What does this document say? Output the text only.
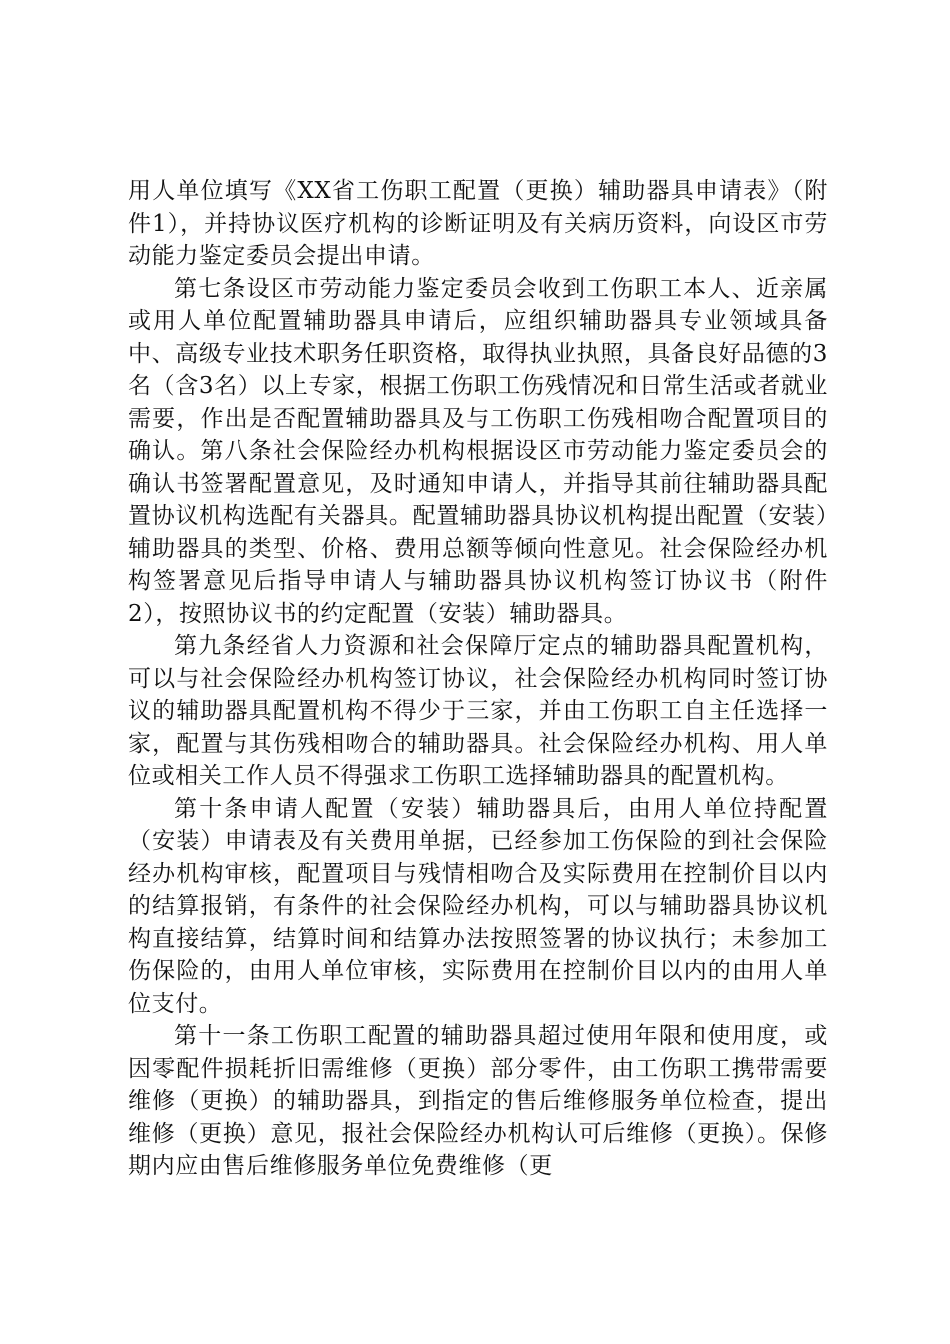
用人单位填写《XX省工伤职工配置（更换）辅助器具申请表》（附件1），并持协议医疗机构的诊断证明及有关病历资料，向设区市劳动能力鉴定委员会提出申请。

第七条设区市劳动能力鉴定委员会收到工伤职工本人、近亲属或用人单位配置辅助器具申请后，应组织辅助器具专业领域具备中、高级专业技术职务任职资格，取得执业执照，具备良好品德的3名（含3名）以上专家，根据工伤职工伤残情况和日常生活或者就业需要，作出是否配置辅助器具及与工伤职工伤残相吻合配置项目的确认。第八条社会保险经办机构根据设区市劳动能力鉴定委员会的确认书签署配置意见，及时通知申请人，并指导其前往辅助器具配置协议机构选配有关器具。配置辅助器具协议机构提出配置（安装）辅助器具的类型、价格、费用总额等倾向性意见。社会保险经办机构签署意见后指导申请人与辅助器具协议机构签订协议书（附件2），按照协议书的约定配置（安装）辅助器具。

第九条经省人力资源和社会保障厅定点的辅助器具配置机构，可以与社会保险经办机构签订协议，社会保险经办机构同时签订协议的辅助器具配置机构不得少于三家，并由工伤职工自主任选择一家，配置与其伤残相吻合的辅助器具。社会保险经办机构、用人单位或相关工作人员不得强求工伤职工选择辅助器具的配置机构。

第十条申请人配置（安装）辅助器具后，由用人单位持配置（安装）申请表及有关费用单据，已经参加工伤保险的到社会保险经办机构审核，配置项目与残情相吻合及实际费用在控制价目以内的结算报销，有条件的社会保险经办机构，可以与辅助器具协议机构直接结算，结算时间和结算办法按照签署的协议执行；未参加工伤保险的，由用人单位审核，实际费用在控制价目以内的由用人单位支付。

第十一条工伤职工配置的辅助器具超过使用年限和使用度，或因零配件损耗折旧需维修（更换）部分零件，由工伤职工携带需要维修（更换）的辅助器具，到指定的售后维修服务单位检查，提出维修（更换）意见，报社会保险经办机构认可后维修（更换）。保修期内应由售后维修服务单位免费维修（更
